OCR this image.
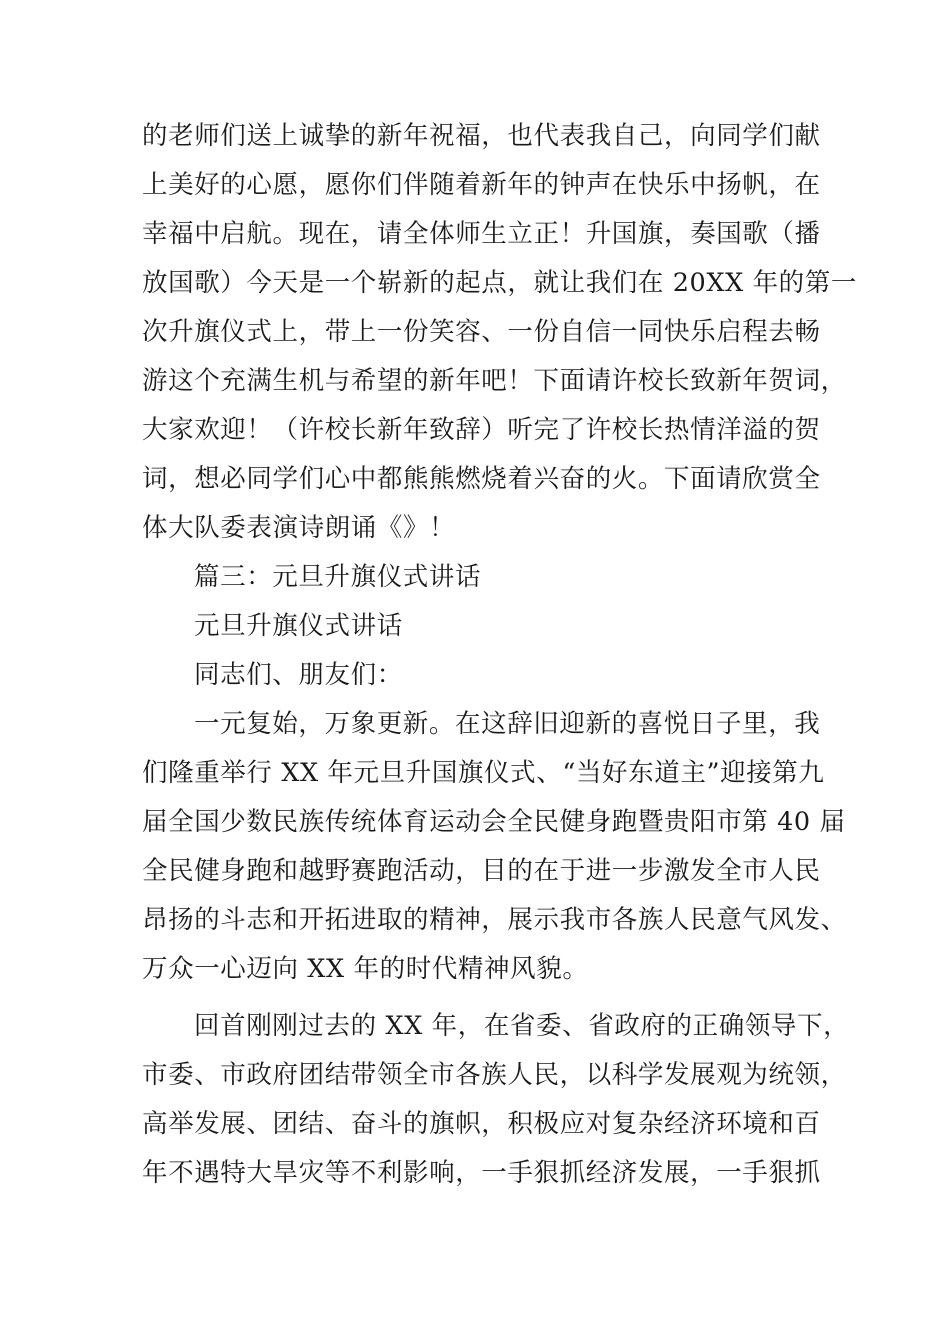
的老师们送上诚挚的新年祝福，也代表我自己，向同学们献
上美好的心愿，愿你们伴随着新年的钟声在快乐中扬帆，在
幸福中启航。现在，请全体师生立正！升国旗，奏国歌（播
放国歌）今天是一个崭新的起点，就让我们在 20XX 年的第一
次升旗仪式上，带上一份笑容、一份自信一同快乐启程去畅
游这个充满生机与希望的新年吧！下面请许校长致新年贺词，
大家欢迎！（许校长新年致辞）听完了许校长热情洋溢的贺
词，想必同学们心中都熊熊燃烧着兴奋的火。下面请欣赏全
体大队委表演诗朗诵《》！
篇三：元旦升旗仪式讲话
元旦升旗仪式讲话
同志们、朋友们：
一元复始，万象更新。在这辞旧迎新的喜悦日子里，我
们隆重举行 XX 年元旦升国旗仪式、“当好东道主”迎接第九
届全国少数民族传统体育运动会全民健身跑暨贵阳市第 40 届
全民健身跑和越野赛跑活动，目的在于进一步激发全市人民
昂扬的斗志和开拓进取的精神，展示我市各族人民意气风发、
万众一心迈向 XX 年的时代精神风貌。
回首刚刚过去的 XX 年，在省委、省政府的正确领导下，
市委、市政府团结带领全市各族人民，以科学发展观为统领，
高举发展、团结、奋斗的旗帜，积极应对复杂经济环境和百
年不遇特大旱灾等不利影响，一手狠抓经济发展，一手狠抓
